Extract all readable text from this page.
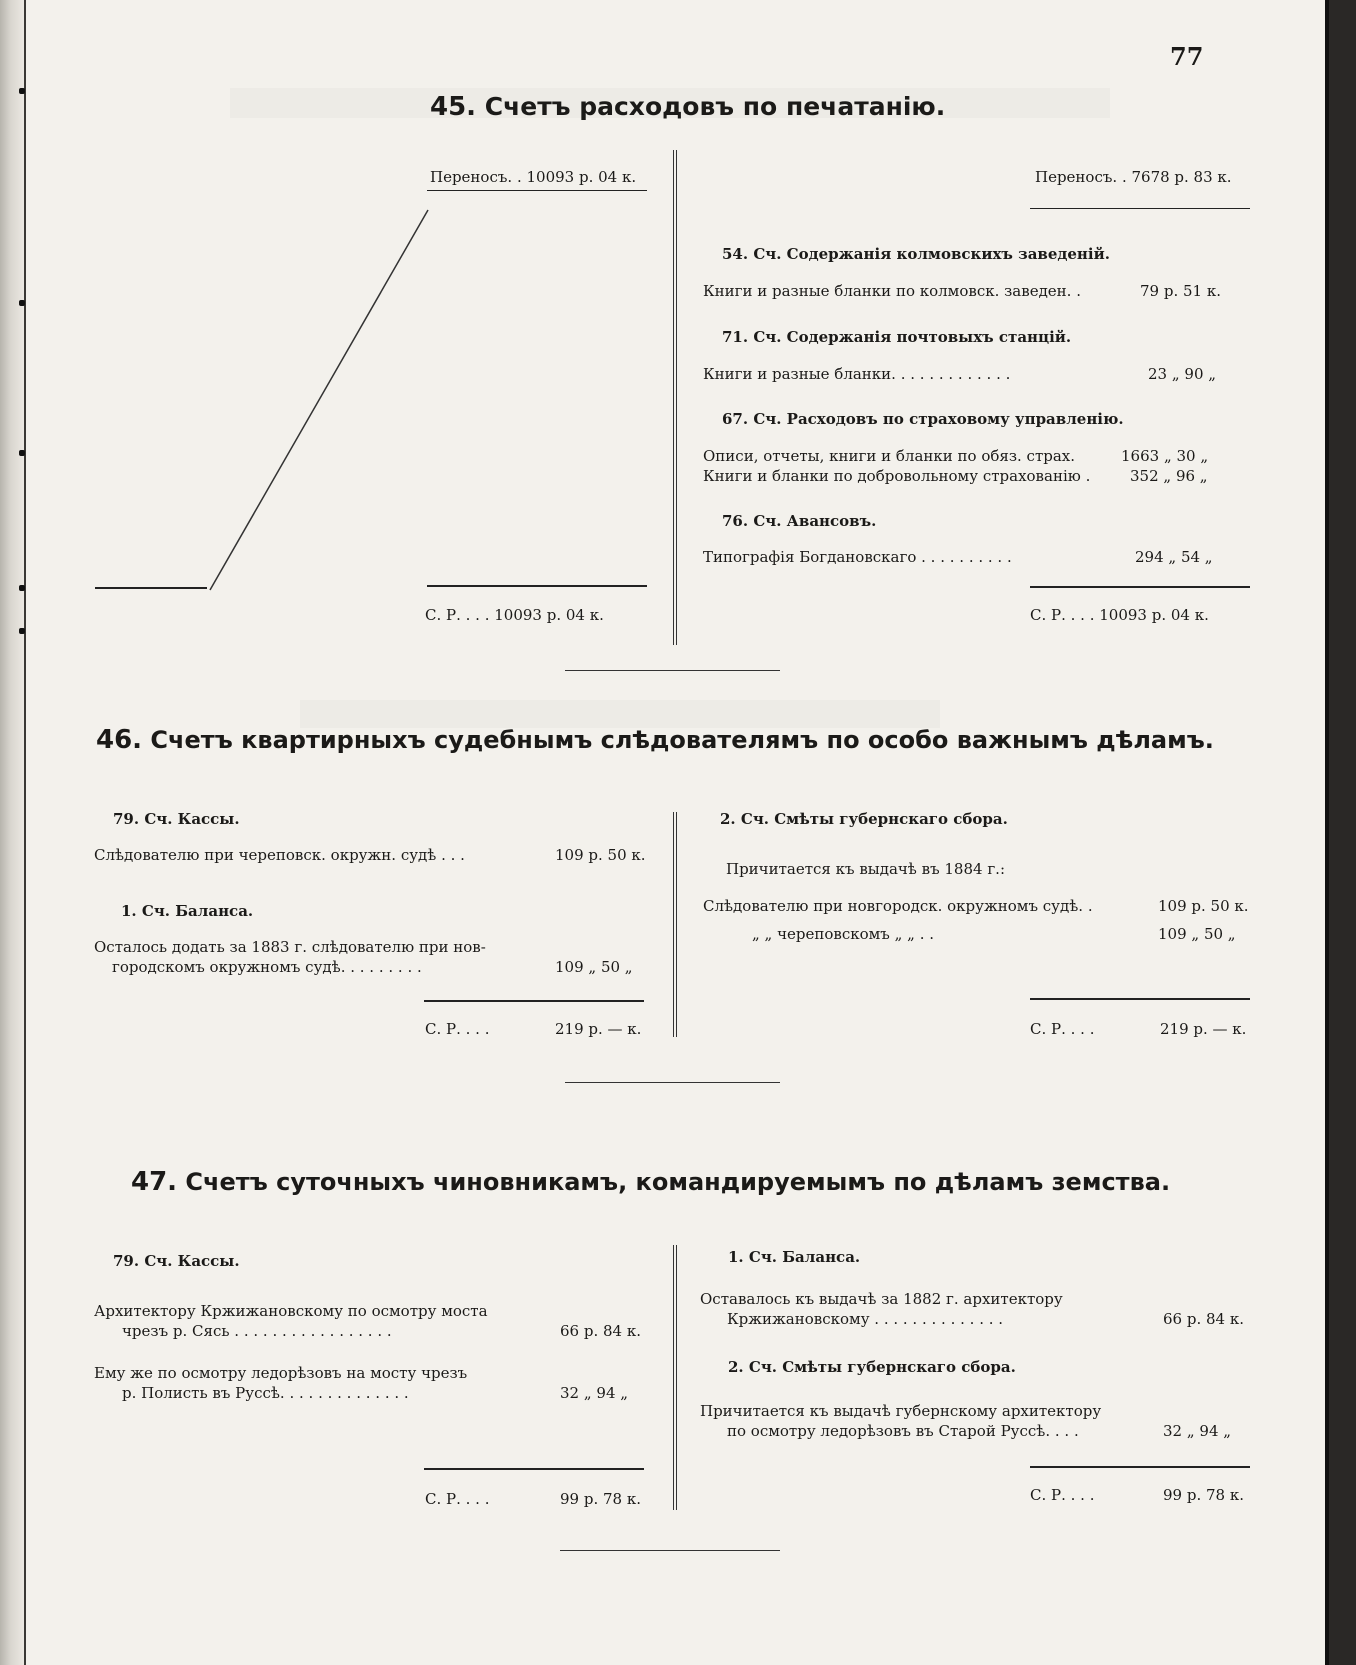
77
45. Счетъ расходовъ по печатанію.
Переносъ. . 10093 р. 04 к.
С. Р. . . . 10093 р. 04 к.
Переносъ. . 7678 р. 83 к.
54. Сч. Содержанія колмовскихъ заведеній.
Книги и разные бланки по колмовск. заведен. .	79 р. 51 к.
71. Сч. Содержанія почтовыхъ станцій.
Книги и разные бланки. . . . . . . . . . . . .	23 „ 90 „
67. Сч. Расходовъ по страховому управленію.
Описи, отчеты, книги и бланки по обяз. страх.	1663 „ 30 „
Книги и бланки по добровольному страхованію .	352 „ 96 „
76. Сч. Авансовъ.
Типографія Богдановскаго . . . . . . . . . .	294 „ 54 „
С. Р. . . . 10093 р. 04 к.
46. Счетъ квартирныхъ судебнымъ слѣдователямъ по особо важнымъ дѣламъ.
79. Сч. Кассы.
Слѣдователю при череповск. окружн. судѣ . . .	109 р. 50 к.
1. Сч. Баланса.
Осталось додать за 1883 г. слѣдователю при нов-
городскомъ окружномъ судѣ. . . . . . . . .	109 „ 50 „
С. Р. . . .	219 р. — к.
2. Сч. Смѣты губернскаго сбора.
Причитается къ выдачѣ въ 1884 г.:
Слѣдователю при новгородск. окружномъ судѣ. .	109 р. 50 к.
„ „ череповскомъ „ „ . .	109 „ 50 „
С. Р. . . .	219 р. — к.
47. Счетъ суточныхъ чиновникамъ, командируемымъ по дѣламъ земства.
79. Сч. Кассы.
Архитектору Кржижановскому по осмотру моста
чрезъ р. Сясь . . . . . . . . . . . . . . . . .	66 р. 84 к.
Ему же по осмотру ледорѣзовъ на мосту чрезъ
р. Полисть въ Руссѣ. . . . . . . . . . . . . .	32 „ 94 „
С. Р. . . .	99 р. 78 к.
1. Сч. Баланса.
Оставалось къ выдачѣ за 1882 г. архитектору
Кржижановскому . . . . . . . . . . . . . .	66 р. 84 к.
2. Сч. Смѣты губернскаго сбора.
Причитается къ выдачѣ губернскому архитектору
по осмотру ледорѣзовъ въ Старой Руссѣ. . . .	32 „ 94 „
С. Р. . . .	99 р. 78 к.
